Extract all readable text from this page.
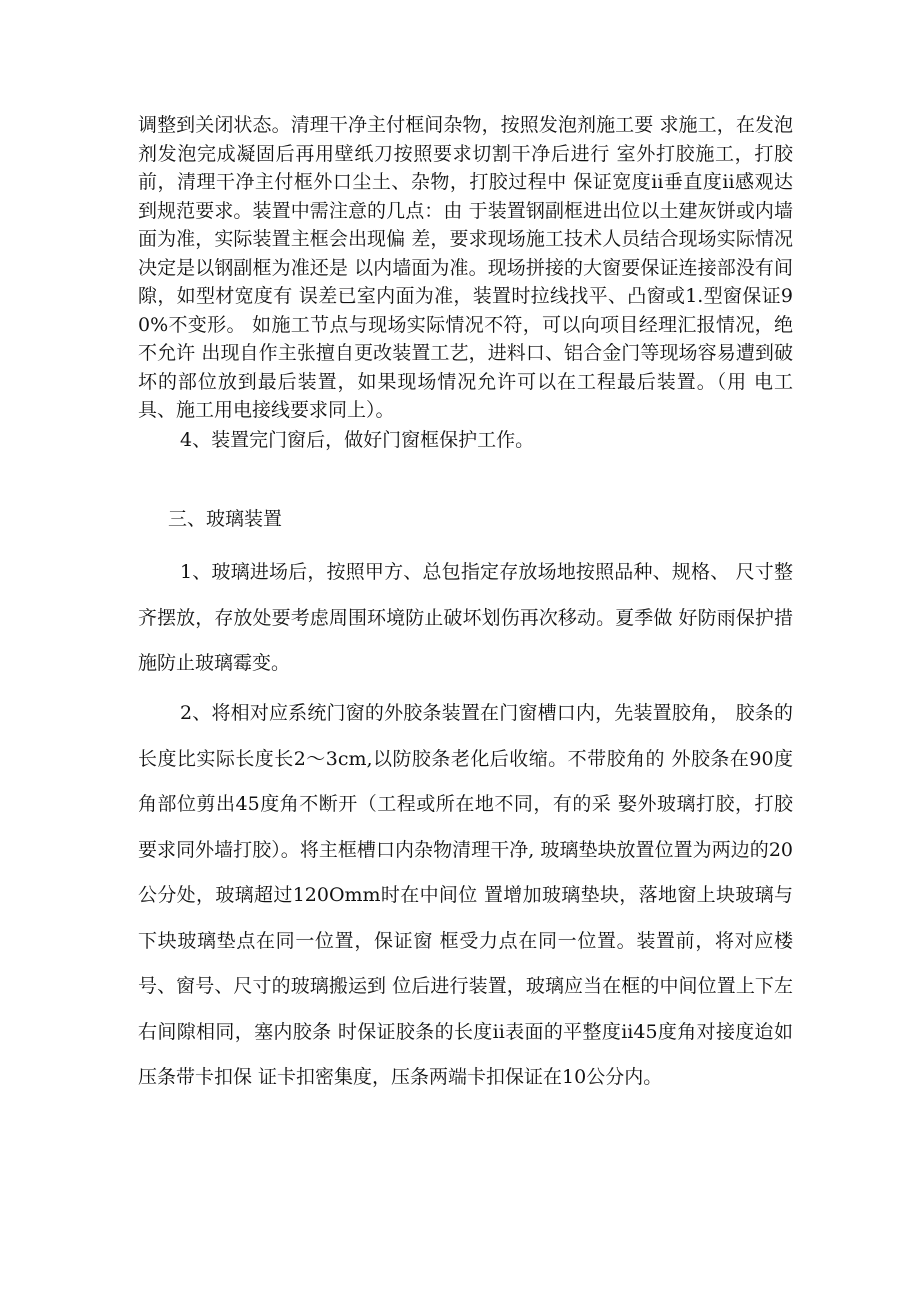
调整到关闭状态。清理干净主付框间杂物，按照发泡剂施工要 求施工，在发泡剂发泡完成凝固后再用壁纸刀按照要求切割干净后进行 室外打胶施工，打胶前，清理干净主付框外口尘土、杂物，打胶过程中 保证宽度ii垂直度ii感观达到规范要求。装置中需注意的几点：由 于装置钢副框进出位以土建灰饼或内墙面为准，实际装置主框会出现偏 差，要求现场施工技术人员结合现场实际情况决定是以钢副框为准还是 以内墙面为准。现场拼接的大窗要保证连接部没有间隙，如型材宽度有 误差已室内面为准，装置时拉线找平、凸窗或1.型窗保证90%不变形。 如施工节点与现场实际情况不符，可以向项目经理汇报情况，绝不允许 出现自作主张擅自更改装置工艺，进料口、铝合金门等现场容易遭到破 坏的部位放到最后装置，如果现场情况允许可以在工程最后装置。（用 电工具、施工用电接线要求同上）。

4、装置完门窗后，做好门窗框保护工作。

三、玻璃装置

1、玻璃进场后，按照甲方、总包指定存放场地按照品种、规格、 尺寸整齐摆放，存放处要考虑周围环境防止破坏划伤再次移动。夏季做 好防雨保护措施防止玻璃霉变。

2、将相对应系统门窗的外胶条装置在门窗槽口内，先装置胶角， 胶条的长度比实际长度长2～3cm,以防胶条老化后收缩。不带胶角的 外胶条在90度角部位剪出45度角不断开（工程或所在地不同，有的采 娶外玻璃打胶，打胶要求同外墙打胶）。将主框槽口内杂物清理干净, 玻璃垫块放置位置为两边的20公分处，玻璃超过120Omm时在中间位 置增加玻璃垫块，落地窗上块玻璃与下块玻璃垫点在同一位置，保证窗 框受力点在同一位置。装置前，将对应楼号、窗号、尺寸的玻璃搬运到 位后进行装置，玻璃应当在框的中间位置上下左右间隙相同，塞内胶条 时保证胶条的长度ii表面的平整度ii45度角对接度迨如压条带卡扣保 证卡扣密集度，压条两端卡扣保证在10公分内。
